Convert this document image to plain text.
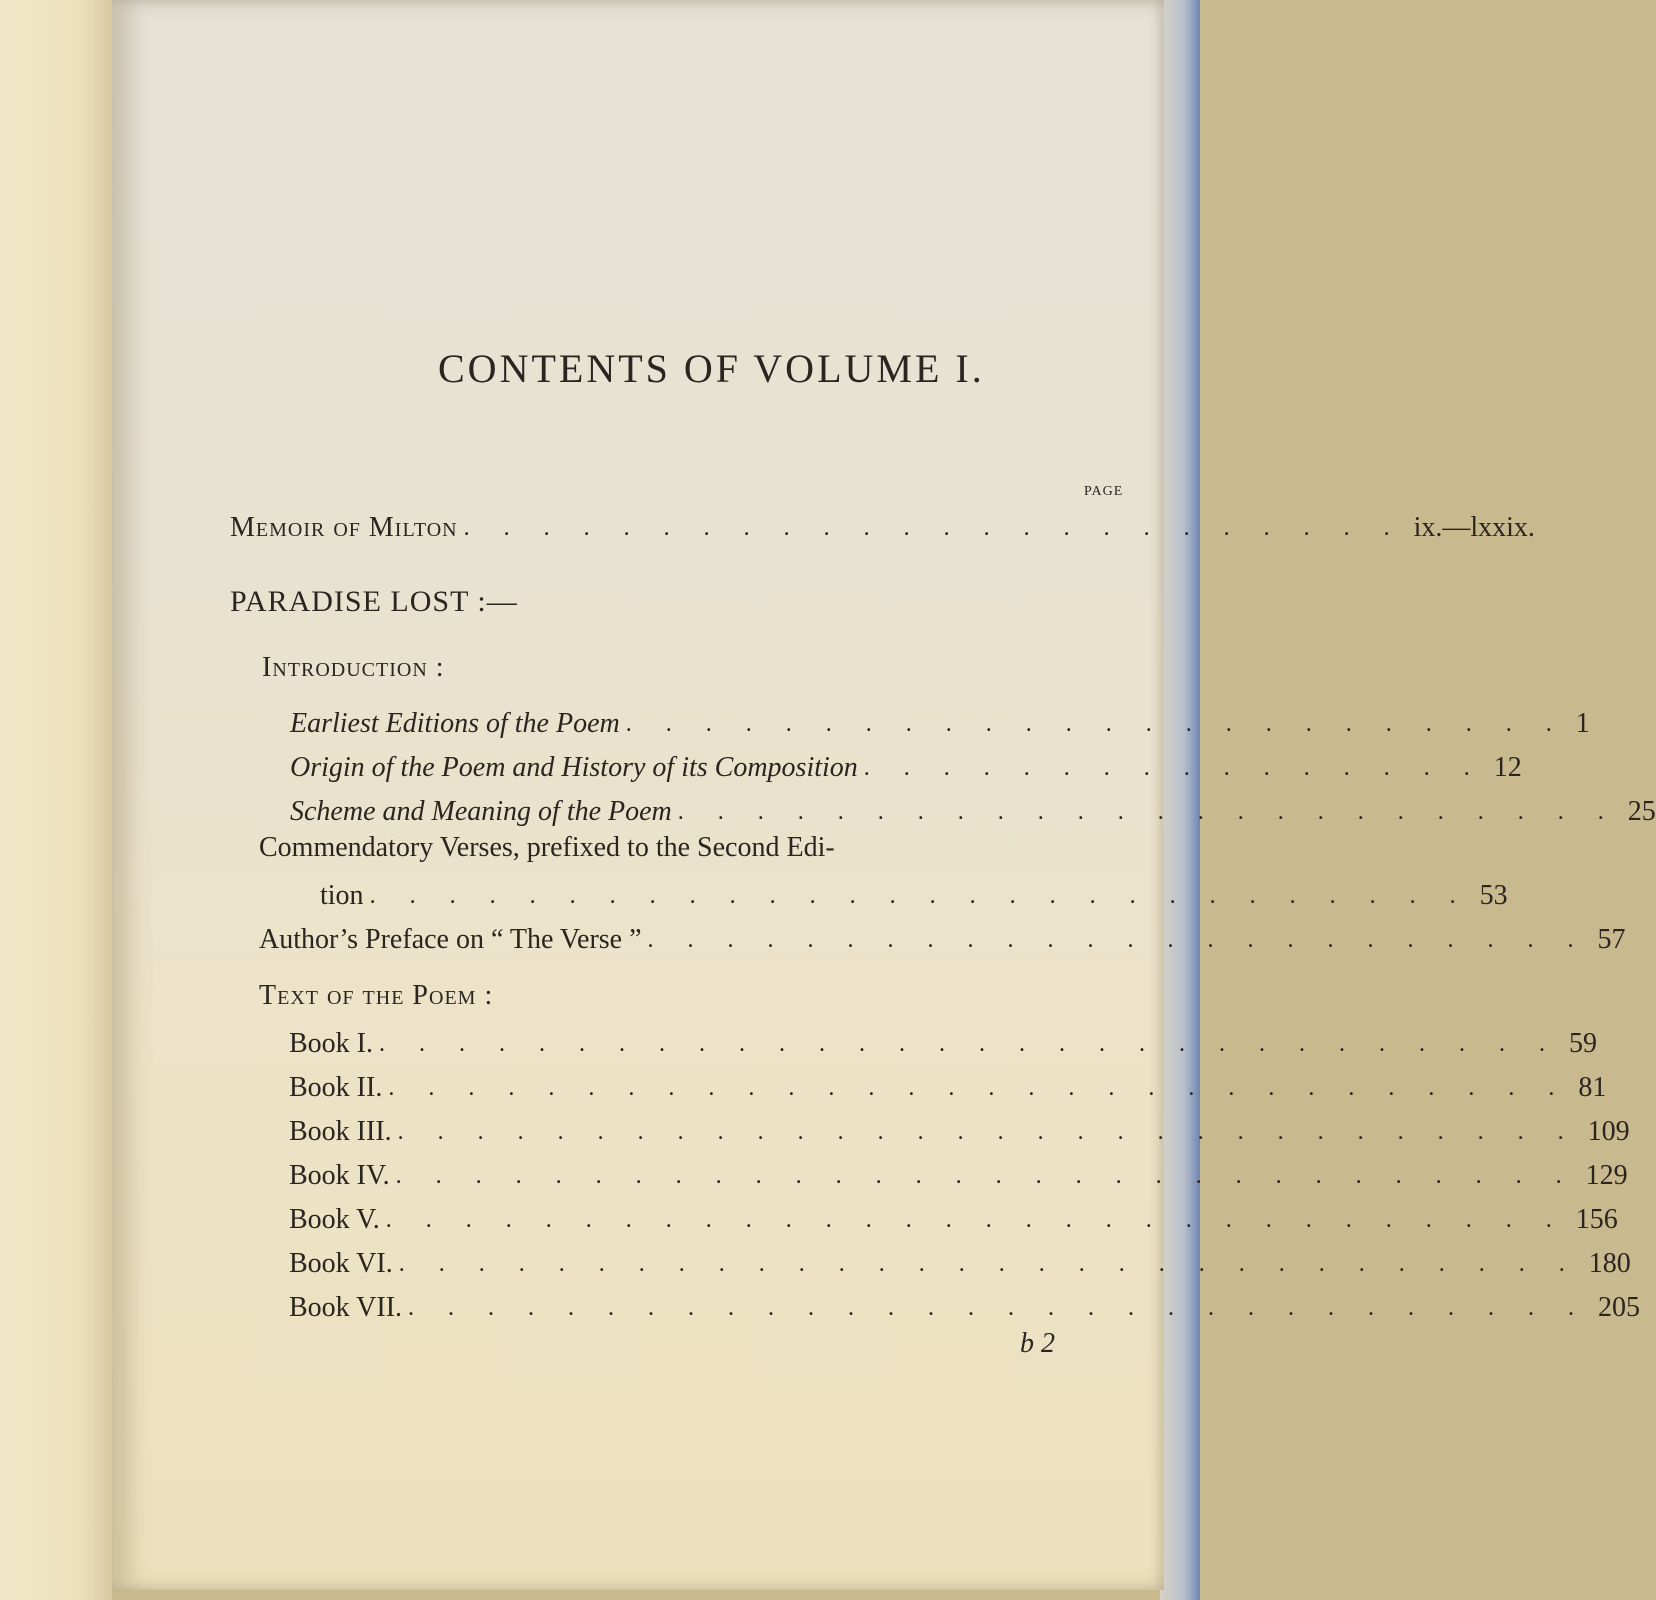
CONTENTS OF VOLUME I.
PAGE
Memoir of Milton . . . . . . . . . . . . . . . . . . . . . . . . ix.—lxxix.
PARADISE LOST :—
Introduction :
Earliest Editions of the Poem . . . . . . . . . . . . . . . . . . . . . . . . 1
Origin of the Poem and History of its Composition . . . . . . . . . . . . . . . . 12
Scheme and Meaning of the Poem . . . . . . . . . . . . . . . . . . . . . . . . 25
Commendatory Verses, prefixed to the Second Edi-
tion . . . . . . . . . . . . . . . . . . . . . . . . . . . . 53
Author’s Preface on “ The Verse ” . . . . . . . . . . . . . . . . . . . . . . . . 57
Text of the Poem :
Book I. . . . . . . . . . . . . . . . . . . . . . . . . . . . . . . 59
Book II. . . . . . . . . . . . . . . . . . . . . . . . . . . . . . . 81
Book III. . . . . . . . . . . . . . . . . . . . . . . . . . . . . . . 109
Book IV. . . . . . . . . . . . . . . . . . . . . . . . . . . . . . . 129
Book V. . . . . . . . . . . . . . . . . . . . . . . . . . . . . . . 156
Book VI. . . . . . . . . . . . . . . . . . . . . . . . . . . . . . . 180
Book VII. . . . . . . . . . . . . . . . . . . . . . . . . . . . . . . 205
b 2
